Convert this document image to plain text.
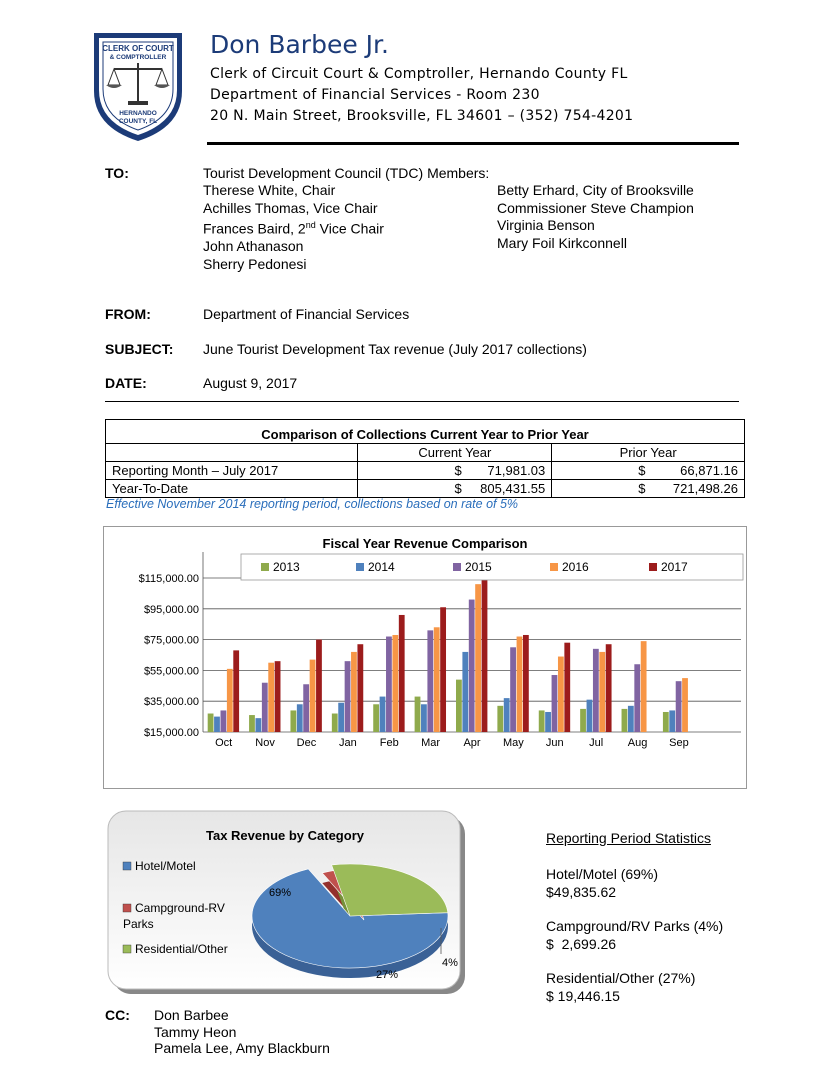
CLERK OF COURT
& COMPTROLLER
HERNANDO
COUNTY, FL
Don Barbee Jr.
Clerk of Circuit Court & Comptroller, Hernando County FL
Department of Financial Services - Room 230
20 N. Main Street, Brooksville, FL 34601 – (352) 754-4201
TO:	Tourist Development Council (TDC) Members:
Therese White, Chair
Achilles Thomas, Vice Chair
Frances Baird, 2nd Vice Chair
John Athanason
Sherry Pedonesi
Betty Erhard, City of Brooksville
Commissioner Steve Champion
Virginia Benson
Mary Foil Kirkconnell
FROM:	Department of Financial Services
SUBJECT: June Tourist Development Tax revenue (July 2017 collections)
DATE:	August 9, 2017
Comparison of Collections Current Year to Prior Year		
	Current Year	Prior Year
Reporting Month – July 2017	$ 71,981.03	$ 66,871.16

Year-To-Date	$ 805,431.55	$ 721,498.26
Effective November 2014 reporting period, collections based on rate of 5%
Fiscal Year Revenue Comparison
$15,000.00
$35,000.00
$55,000.00
$75,000.00
$95,000.00
$115,000.00
Oct Nov Dec Jan Feb Mar Apr May Jun Jul Aug Sep
2013	2014	2015	2016	2017
Tax Revenue by Category
69%
4%
27%
Hotel/Motel
Campground-RV
Parks
Residential/Other
Reporting Period Statistics
Hotel/Motel (69%)
$49,835.62
Campground/RV Parks (4%)
$  2,699.26
Residential/Other (27%)
$ 19,446.15
CC: Don Barbee
Tammy Heon
Pamela Lee, Amy Blackburn
